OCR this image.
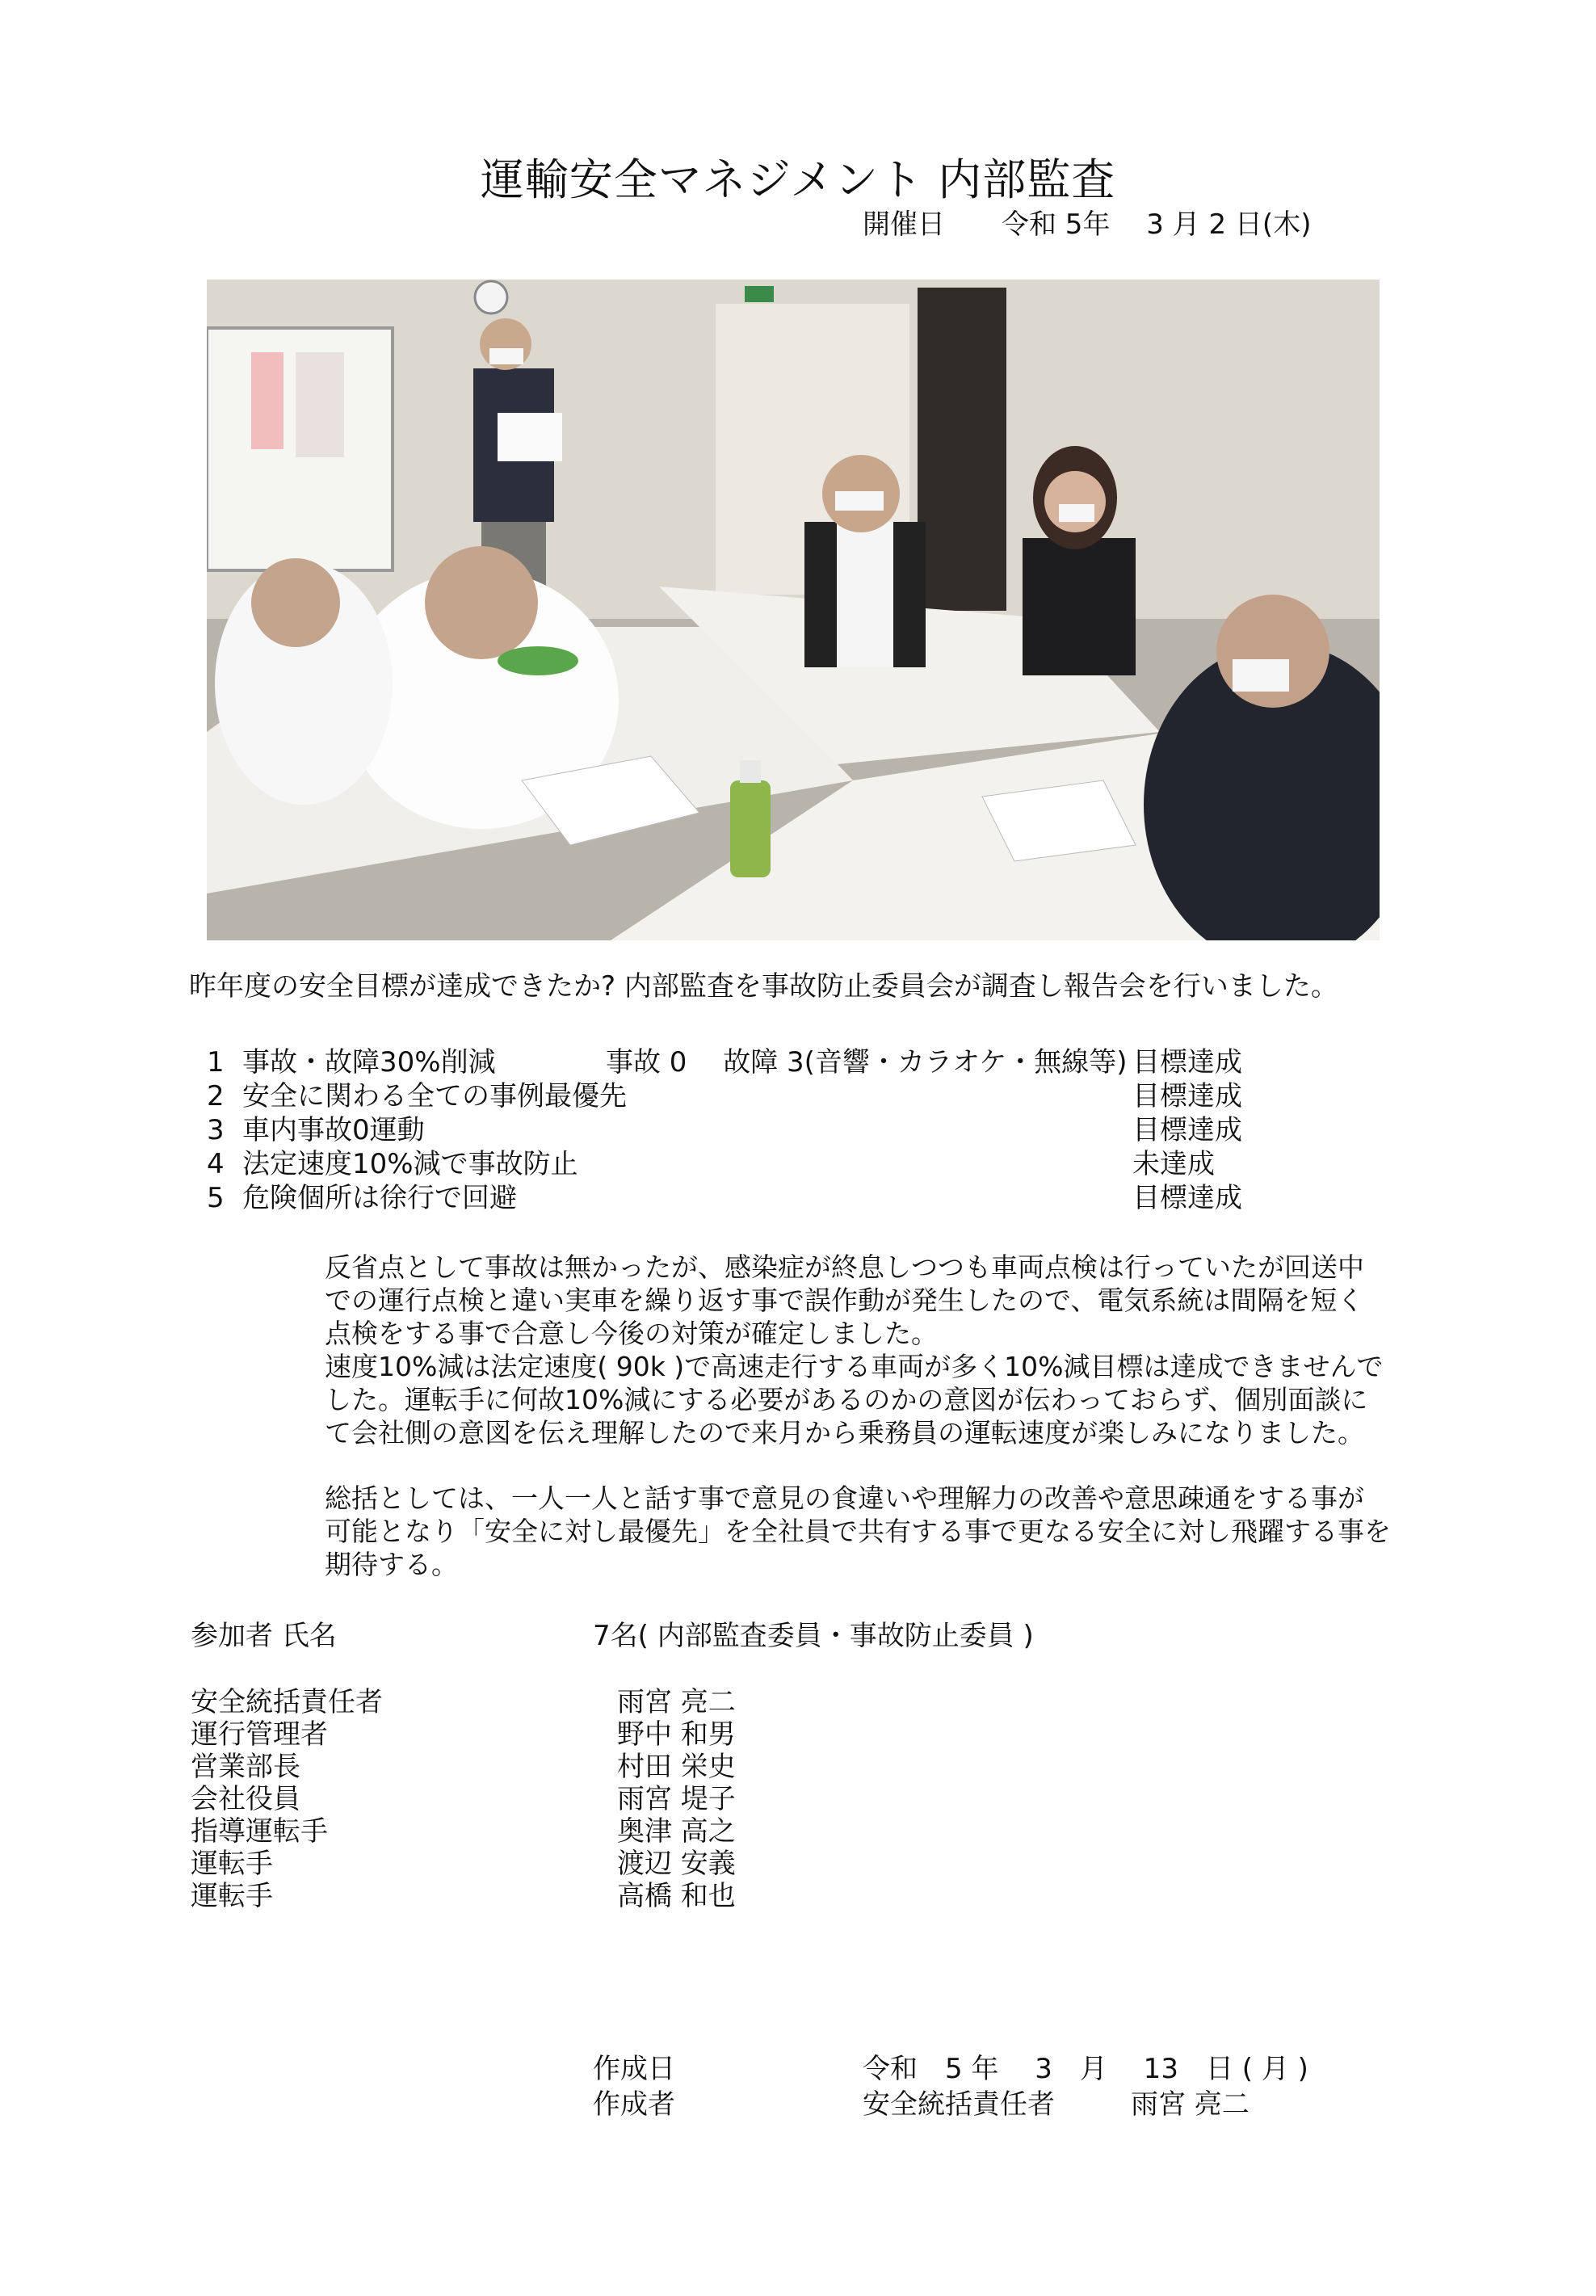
運輸安全マネジメント 内部監査
開催日 令和 5年　 3 月 2 日(木)
昨年度の安全目標が達成できたか? 内部監査を事故防止委員会が調査し報告会を行いました。
1 事故・故障30%削減	事故 0　 故障 3(音響・カラオケ・無線等) 目標達成
2 安全に関わる全ての事例最優先	目標達成
3 車内事故0運動	目標達成
4 法定速度10%減で事故防止	未達成
5 危険個所は徐行で回避	目標達成
反省点として事故は無かったが、感染症が終息しつつも車両点検は行っていたが回送中
での運行点検と違い実車を繰り返す事で誤作動が発生したので、電気系統は間隔を短く
点検をする事で合意し今後の対策が確定しました。
速度10%減は法定速度( 90k )で高速走行する車両が多く10%減目標は達成できませんで
した。運転手に何故10%減にする必要があるのかの意図が伝わっておらず、個別面談に
て会社側の意図を伝え理解したので来月から乗務員の運転速度が楽しみになりました。
総括としては、一人一人と話す事で意見の食違いや理解力の改善や意思疎通をする事が
可能となり「安全に対し最優先」を全社員で共有する事で更なる安全に対し飛躍する事を
期待する。
参加者 氏名	7名( 内部監査委員・事故防止委員 )
安全統括責任者	雨宮 亮二
運行管理者	野中 和男
営業部長	村田 栄史
会社役員	雨宮 堤子
指導運転手	奥津 高之
運転手	渡辺 安義
運転手	高橋 和也
作成日	令和　5 年　 3　月　 13　日 ( 月 )
作成者	安全統括責任者	雨宮 亮二
